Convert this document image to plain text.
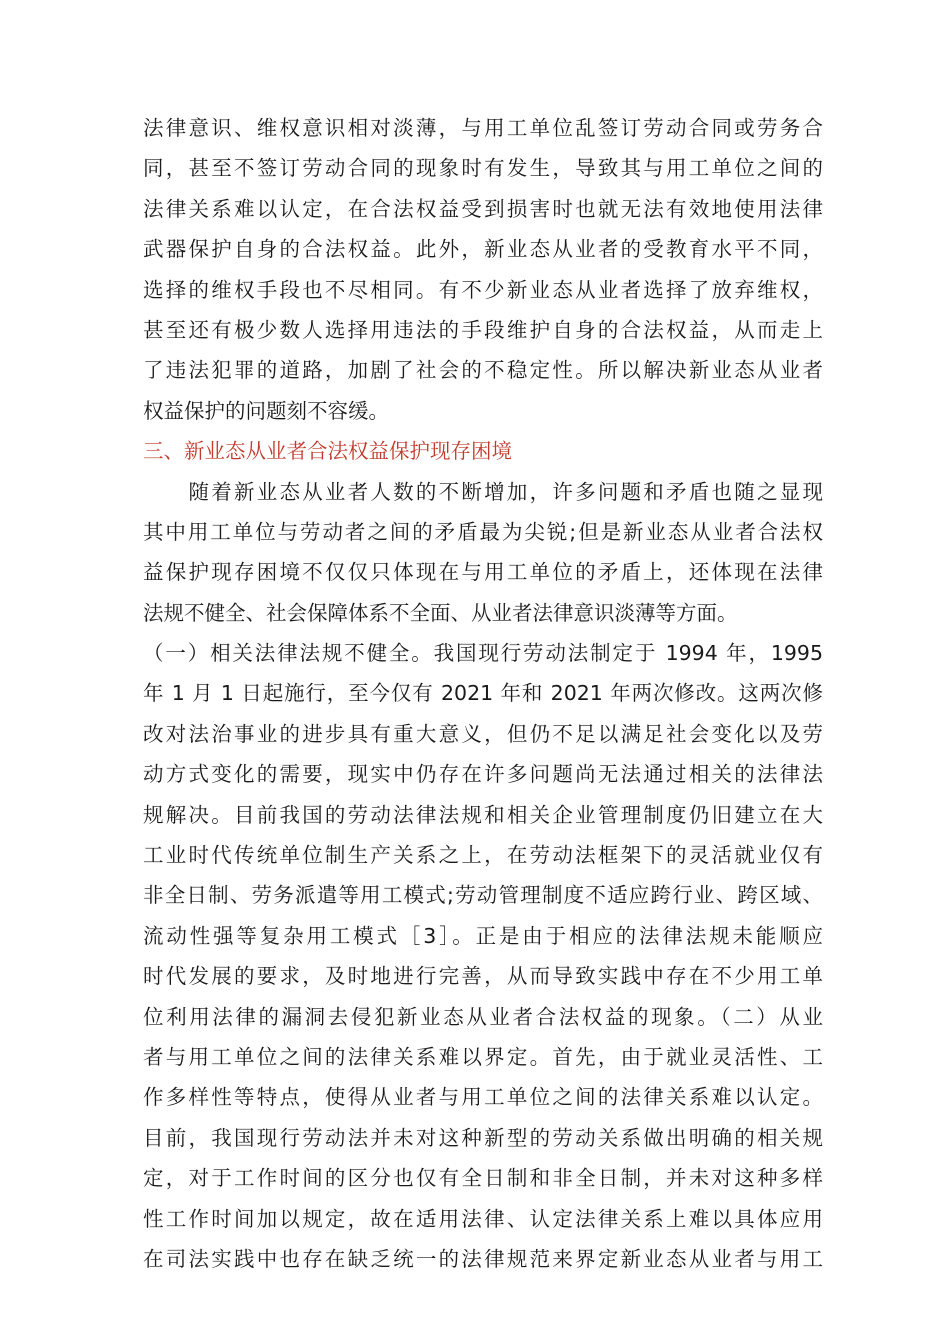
法律意识、维权意识相对淡薄，与用工单位乱签订劳动合同或劳务合
同，甚至不签订劳动合同的现象时有发生，导致其与用工单位之间的
法律关系难以认定，在合法权益受到损害时也就无法有效地使用法律
武器保护自身的合法权益。此外，新业态从业者的受教育水平不同，
选择的维权手段也不尽相同。有不少新业态从业者选择了放弃维权，
甚至还有极少数人选择用违法的手段维护自身的合法权益，从而走上
了违法犯罪的道路，加剧了社会的不稳定性。所以解决新业态从业者
权益保护的问题刻不容缓。
三、新业态从业者合法权益保护现存困境
　　随着新业态从业者人数的不断增加，许多问题和矛盾也随之显现
其中用工单位与劳动者之间的矛盾最为尖锐;但是新业态从业者合法权
益保护现存困境不仅仅只体现在与用工单位的矛盾上，还体现在法律
法规不健全、社会保障体系不全面、从业者法律意识淡薄等方面。
（一）相关法律法规不健全。我国现行劳动法制定于 1994 年，1995
年 1 月 1 日起施行，至今仅有 2021 年和 2021 年两次修改。这两次修
改对法治事业的进步具有重大意义，但仍不足以满足社会变化以及劳
动方式变化的需要，现实中仍存在许多问题尚无法通过相关的法律法
规解决。目前我国的劳动法律法规和相关企业管理制度仍旧建立在大
工业时代传统单位制生产关系之上，在劳动法框架下的灵活就业仅有
非全日制、劳务派遣等用工模式;劳动管理制度不适应跨行业、跨区域、
流动性强等复杂用工模式［3］。正是由于相应的法律法规未能顺应
时代发展的要求，及时地进行完善，从而导致实践中存在不少用工单
位利用法律的漏洞去侵犯新业态从业者合法权益的现象。（二）从业
者与用工单位之间的法律关系难以界定。首先，由于就业灵活性、工
作多样性等特点，使得从业者与用工单位之间的法律关系难以认定。
目前，我国现行劳动法并未对这种新型的劳动关系做出明确的相关规
定，对于工作时间的区分也仅有全日制和非全日制，并未对这种多样
性工作时间加以规定，故在适用法律、认定法律关系上难以具体应用
在司法实践中也存在缺乏统一的法律规范来界定新业态从业者与用工
